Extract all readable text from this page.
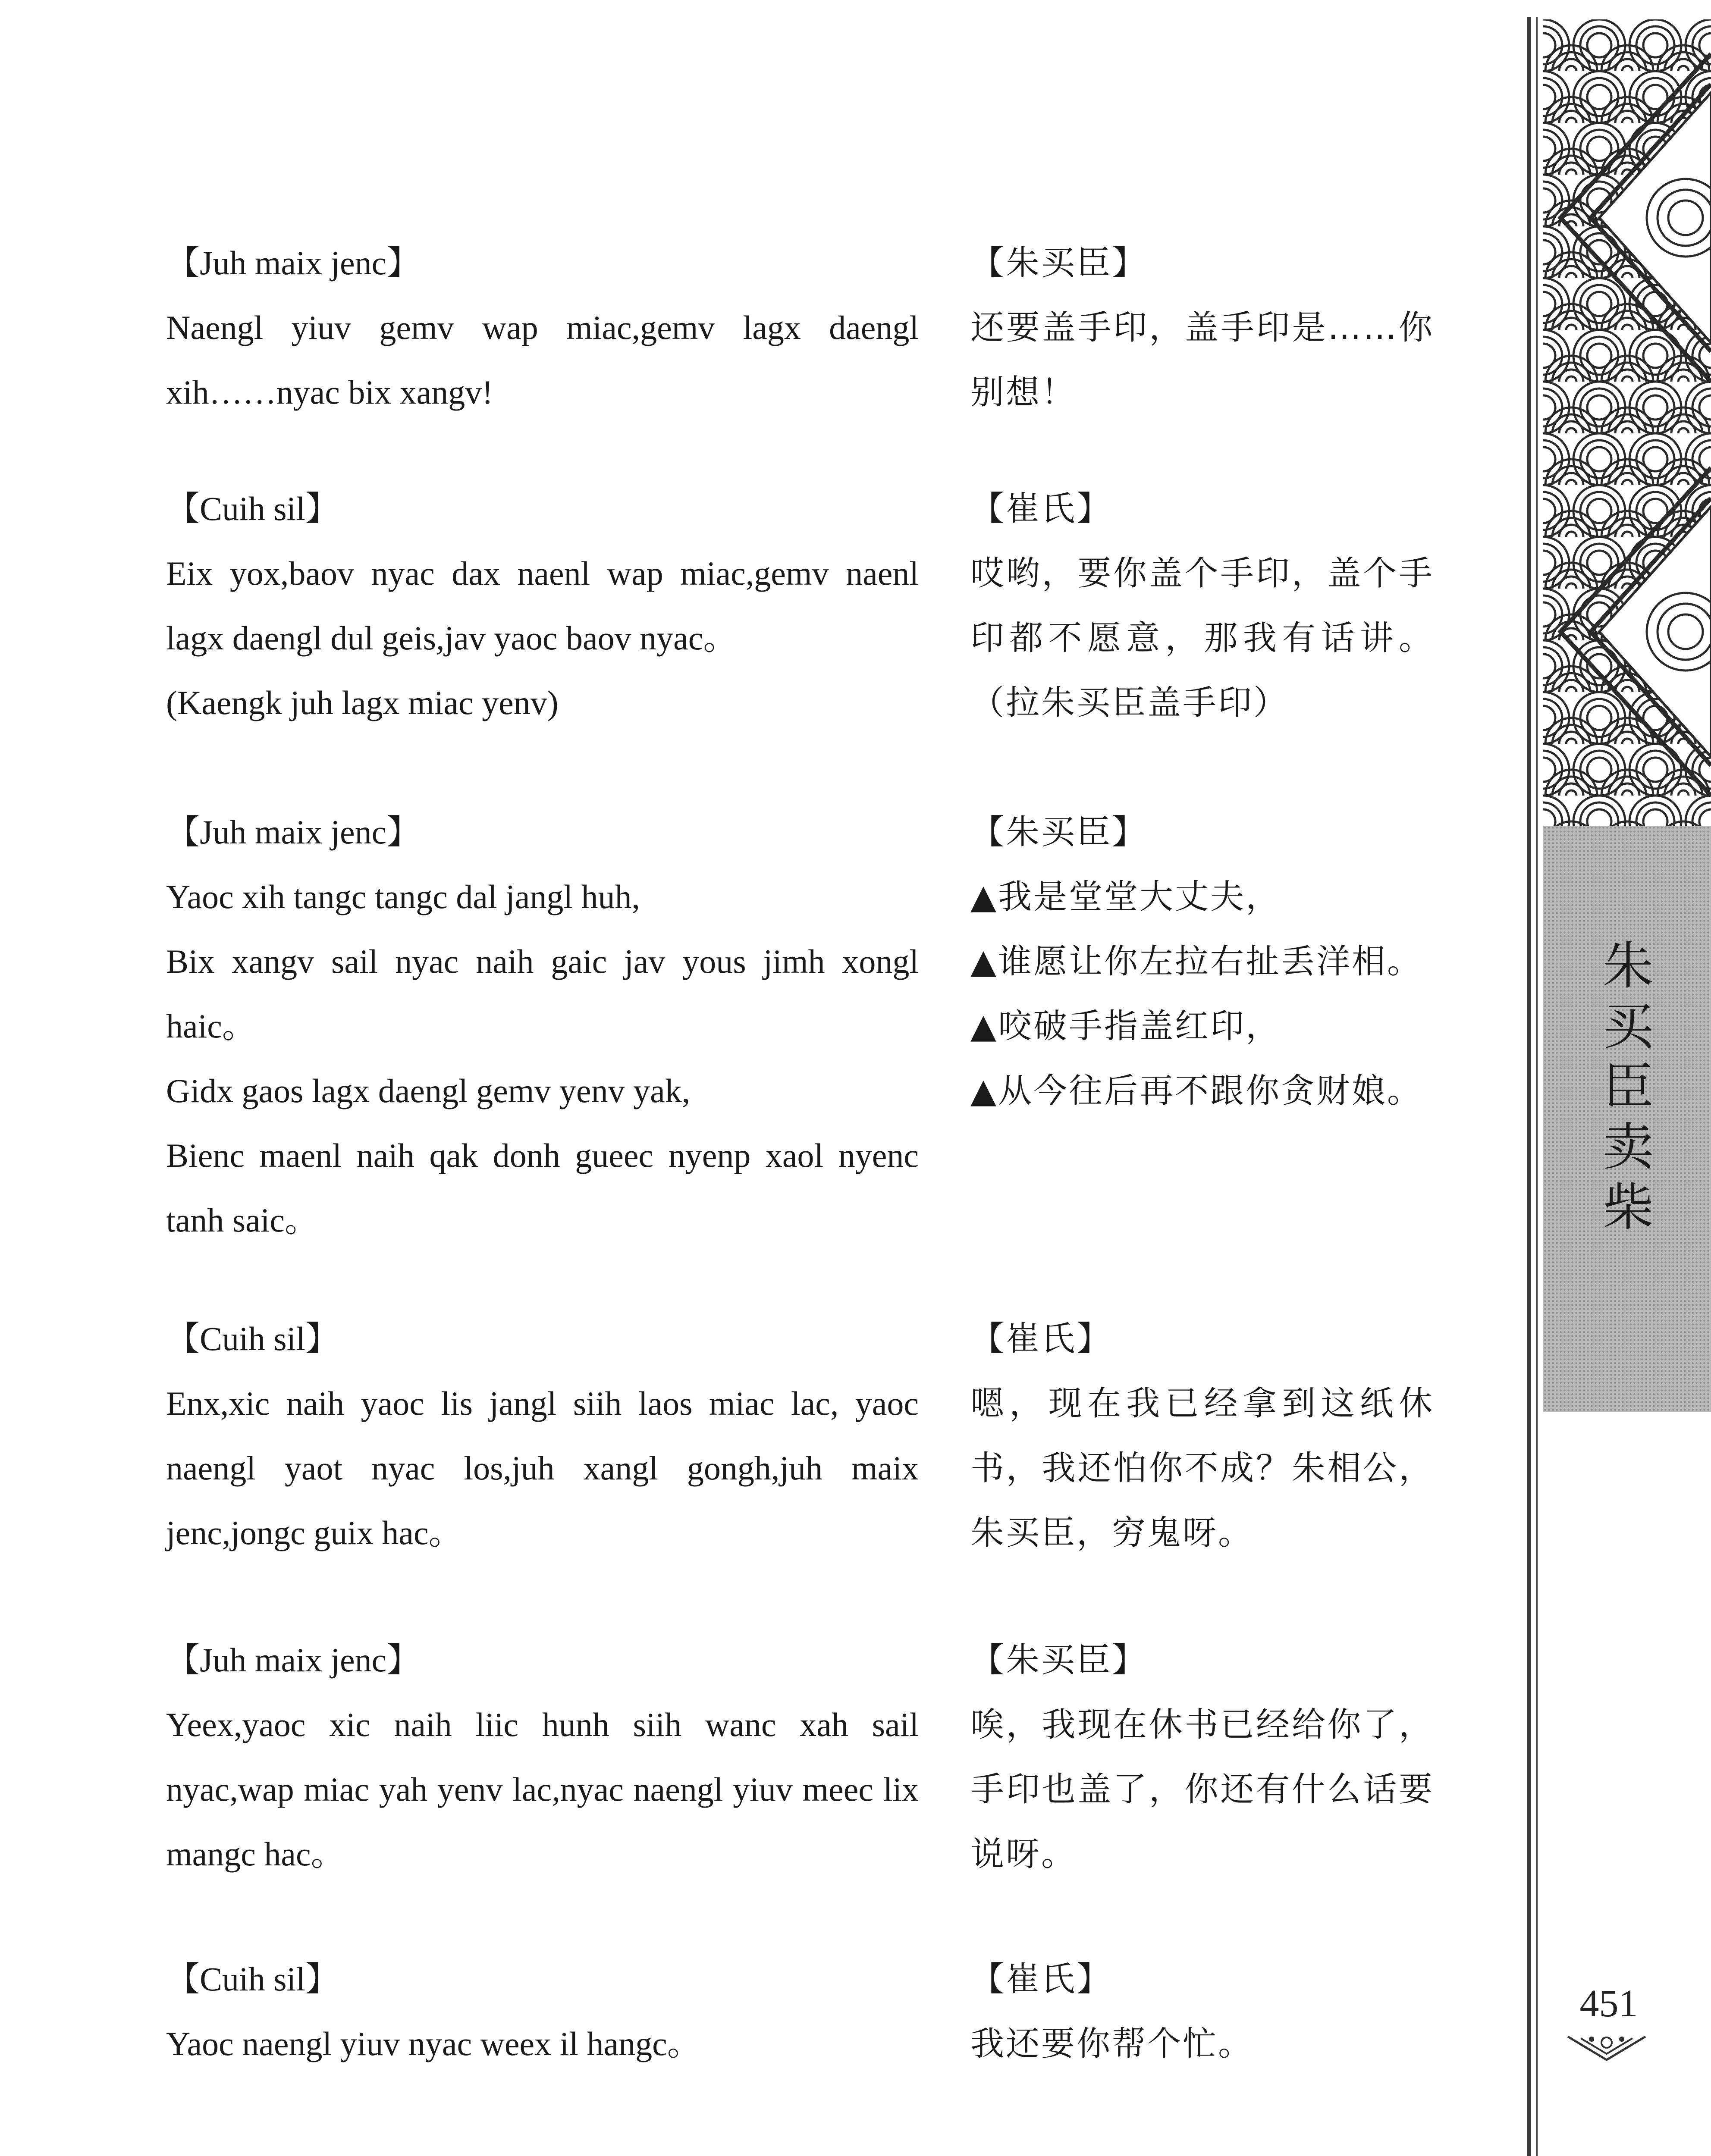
【Juh maix jenc】
Naengl yiuv gemv wap miac,gemv lagx daengl xih……nyac bix xangv!
【朱买臣】
还要盖手印，盖手印是……你别想！
【Cuih sil】
Eix yox,baov nyac dax naenl wap miac,gemv naenl lagx daengl dul geis,jav yaoc baov nyac。
(Kaengk juh lagx miac yenv)
【崔氏】
哎哟，要你盖个手印，盖个手印都不愿意，那我有话讲。（拉朱买臣盖手印）
【Juh maix jenc】
Yaoc xih tangc tangc dal jangl huh,
Bix xangv sail nyac naih gaic jav yous jimh xongl haic。
Gidx gaos lagx daengl gemv yenv yak,
Bienc maenl naih qak donh gueec nyenp xaol nyenc tanh saic。
【朱买臣】
▲我是堂堂大丈夫，
▲谁愿让你左拉右扯丢洋相。
▲咬破手指盖红印，
▲从今往后再不跟你贪财娘。
【Cuih sil】
Enx,xic naih yaoc lis jangl siih laos miac lac, yaoc naengl yaot nyac los,juh xangl gongh,juh maix jenc,jongc guix hac。
【崔氏】
嗯，现在我已经拿到这纸休书，我还怕你不成？朱相公，朱买臣，穷鬼呀。
【Juh maix jenc】
Yeex,yaoc xic naih liic hunh siih wanc xah sail nyac,wap miac yah yenv lac,nyac naengl yiuv meec lix mangc hac。
【朱买臣】
唉，我现在休书已经给你了，手印也盖了，你还有什么话要说呀。
【Cuih sil】
Yaoc naengl yiuv nyac weex il hangc。
【崔氏】
我还要你帮个忙。
朱买臣卖柴
451
